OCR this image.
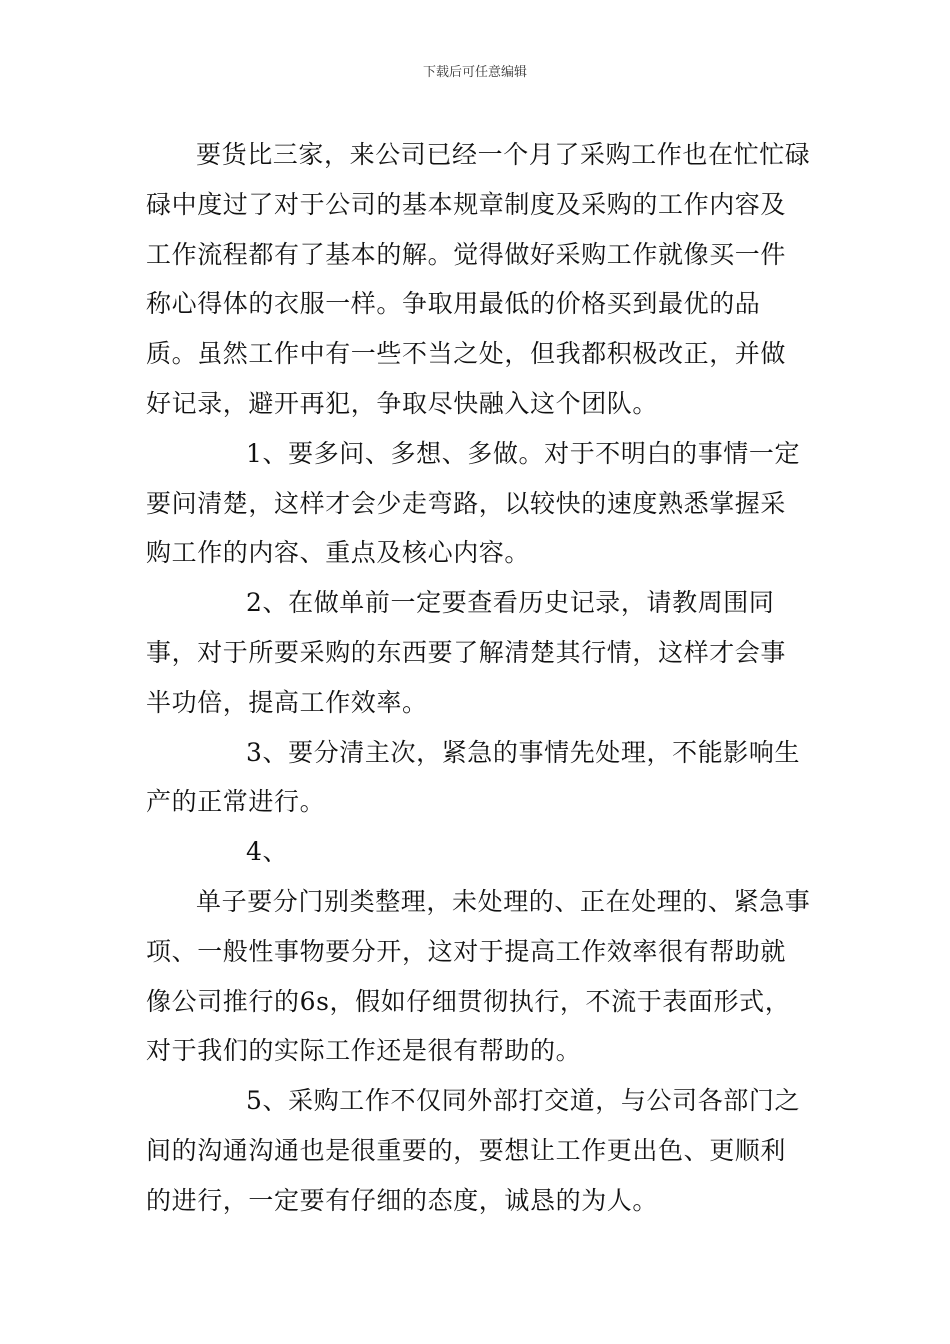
下载后可任意编辑

要货比三家，来公司已经一个月了采购工作也在忙忙碌碌中度过了对于公司的基本规章制度及采购的工作内容及工作流程都有了基本的解。觉得做好采购工作就像买一件称心得体的衣服一样。争取用最低的价格买到最优的品质。虽然工作中有一些不当之处，但我都积极改正，并做好记录，避开再犯，争取尽快融入这个团队。

1、要多问、多想、多做。对于不明白的事情一定要问清楚，这样才会少走弯路，以较快的速度熟悉掌握采购工作的内容、重点及核心内容。

2、在做单前一定要查看历史记录，请教周围同事，对于所要采购的东西要了解清楚其行情，这样才会事半功倍，提高工作效率。

3、要分清主次，紧急的事情先处理，不能影响生产的正常进行。

4、

单子要分门别类整理，未处理的、正在处理的、紧急事项、一般性事物要分开，这对于提高工作效率很有帮助就像公司推行的6s，假如仔细贯彻执行，不流于表面形式，对于我们的实际工作还是很有帮助的。

5、采购工作不仅同外部打交道，与公司各部门之间的沟通沟通也是很重要的，要想让工作更出色、更顺利的进行，一定要有仔细的态度，诚恳的为人。
